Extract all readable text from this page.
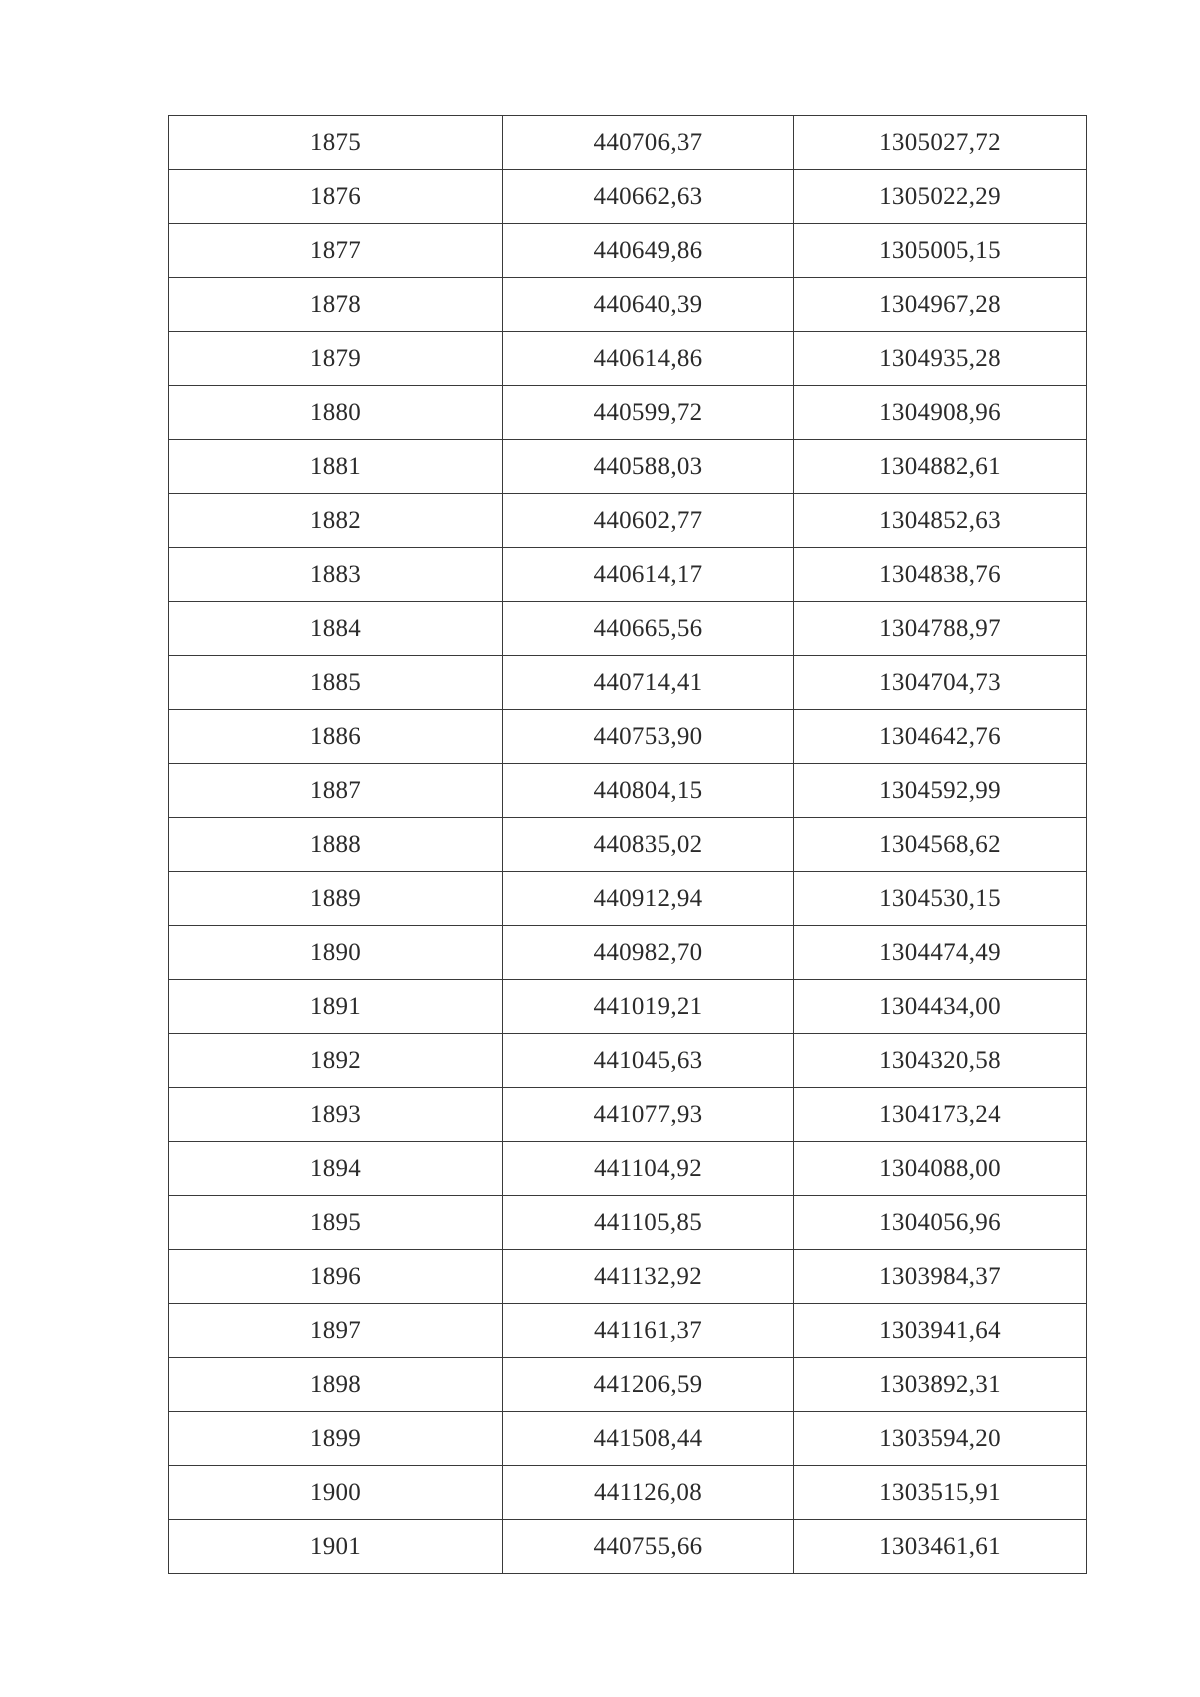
1875	440706,37	1305027,72
1876	440662,63	1305022,29
1877	440649,86	1305005,15
1878	440640,39	1304967,28
1879	440614,86	1304935,28
1880	440599,72	1304908,96
1881	440588,03	1304882,61
1882	440602,77	1304852,63
1883	440614,17	1304838,76
1884	440665,56	1304788,97
1885	440714,41	1304704,73
1886	440753,90	1304642,76
1887	440804,15	1304592,99
1888	440835,02	1304568,62
1889	440912,94	1304530,15
1890	440982,70	1304474,49
1891	441019,21	1304434,00
1892	441045,63	1304320,58
1893	441077,93	1304173,24
1894	441104,92	1304088,00
1895	441105,85	1304056,96
1896	441132,92	1303984,37
1897	441161,37	1303941,64
1898	441206,59	1303892,31
1899	441508,44	1303594,20
1900	441126,08	1303515,91
1901	440755,66	1303461,61
